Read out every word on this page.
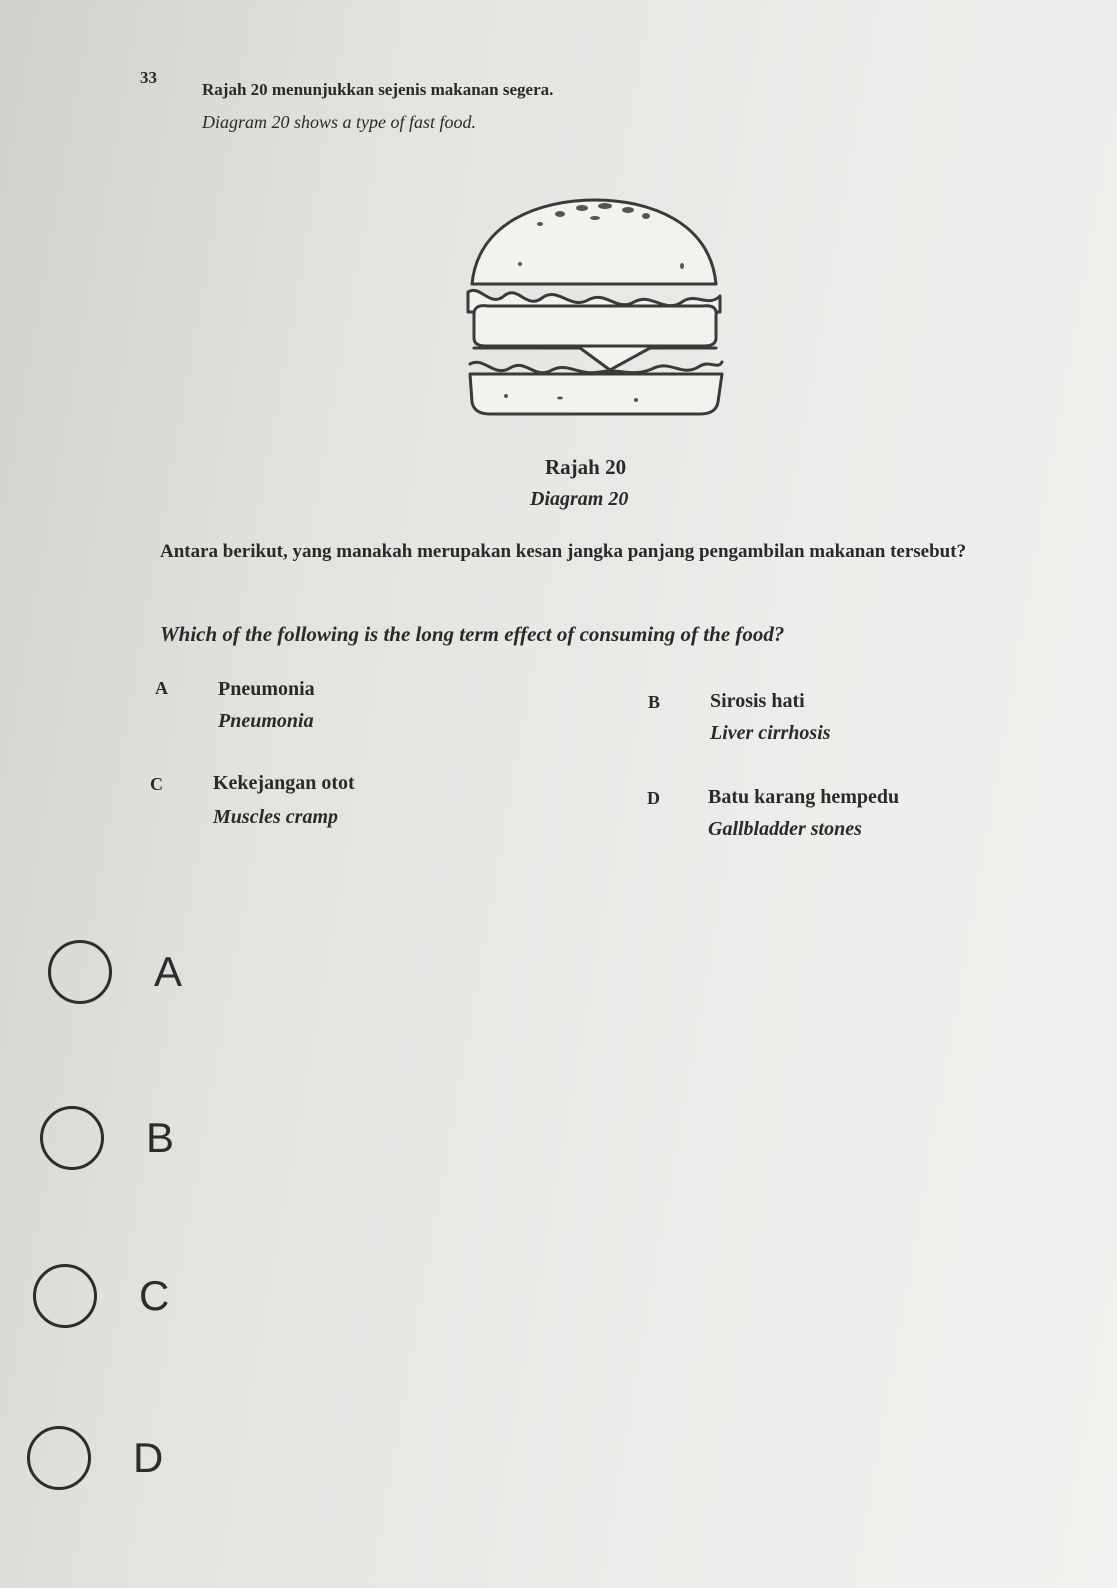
33
Rajah 20 menunjukkan sejenis makanan segera.
Diagram 20 shows a type of fast food.
Rajah 20
Diagram 20
Antara berikut, yang manakah merupakan kesan jangka panjang pengambilan makanan tersebut?
Which of the following is the long term effect of consuming of the food?
A	Pneumonia
Pneumonia
B Sirosis hati
Liver cirrhosis
C	Kekejangan otot
Muscles cramp
D Batu karang hempedu
Gallbladder stones
A
B
C
D
